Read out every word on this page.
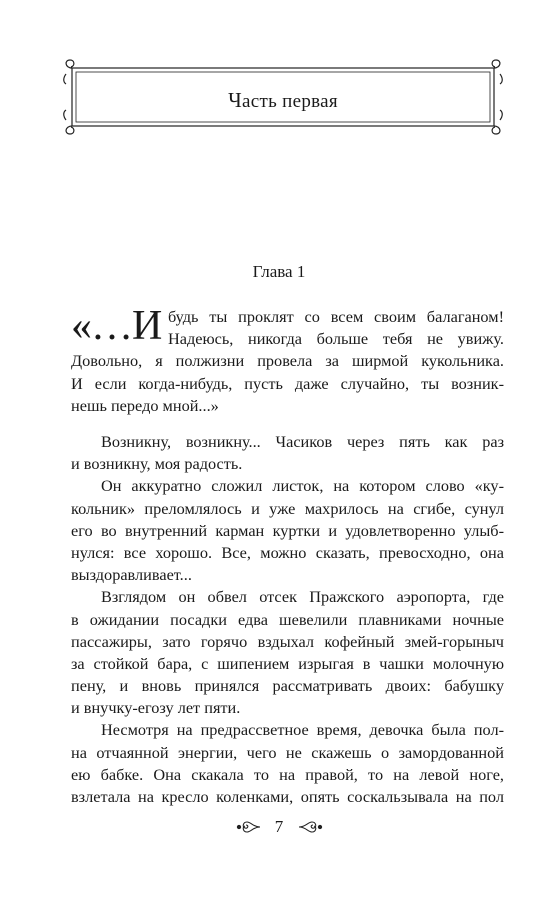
Часть первая
Глава 1
«…И будь ты проклят со всем своим балаганом!
Надеюсь, никогда больше тебя не увижу.
Довольно, я полжизни провела за ширмой кукольника.
И если когда-нибудь, пусть даже случайно, ты возник-
нешь передо мной...»
Возникну, возникну... Часиков через пять как раз
и возникну, моя радость.
Он аккуратно сложил листок, на котором слово «ку-
кольник» преломлялось и уже махрилось на сгибе, сунул
его во внутренний карман куртки и удовлетворенно улыб-
нулся: все хорошо. Все, можно сказать, превосходно, она
выздоравливает...
Взглядом он обвел отсек Пражского аэропорта, где
в ожидании посадки едва шевелили плавниками ночные
пассажиры, зато горячо вздыхал кофейный змей-горыныч
за стойкой бара, с шипением изрыгая в чашки молочную
пену, и вновь принялся рассматривать двоих: бабушку
и внучку-егозу лет пяти.
Несмотря на предрассветное время, девочка была пол-
на отчаянной энергии, чего не скажешь о замордованной
ею бабке. Она скакала то на правой, то на левой ноге,
взлетала на кресло коленками, опять соскальзывала на пол
7
